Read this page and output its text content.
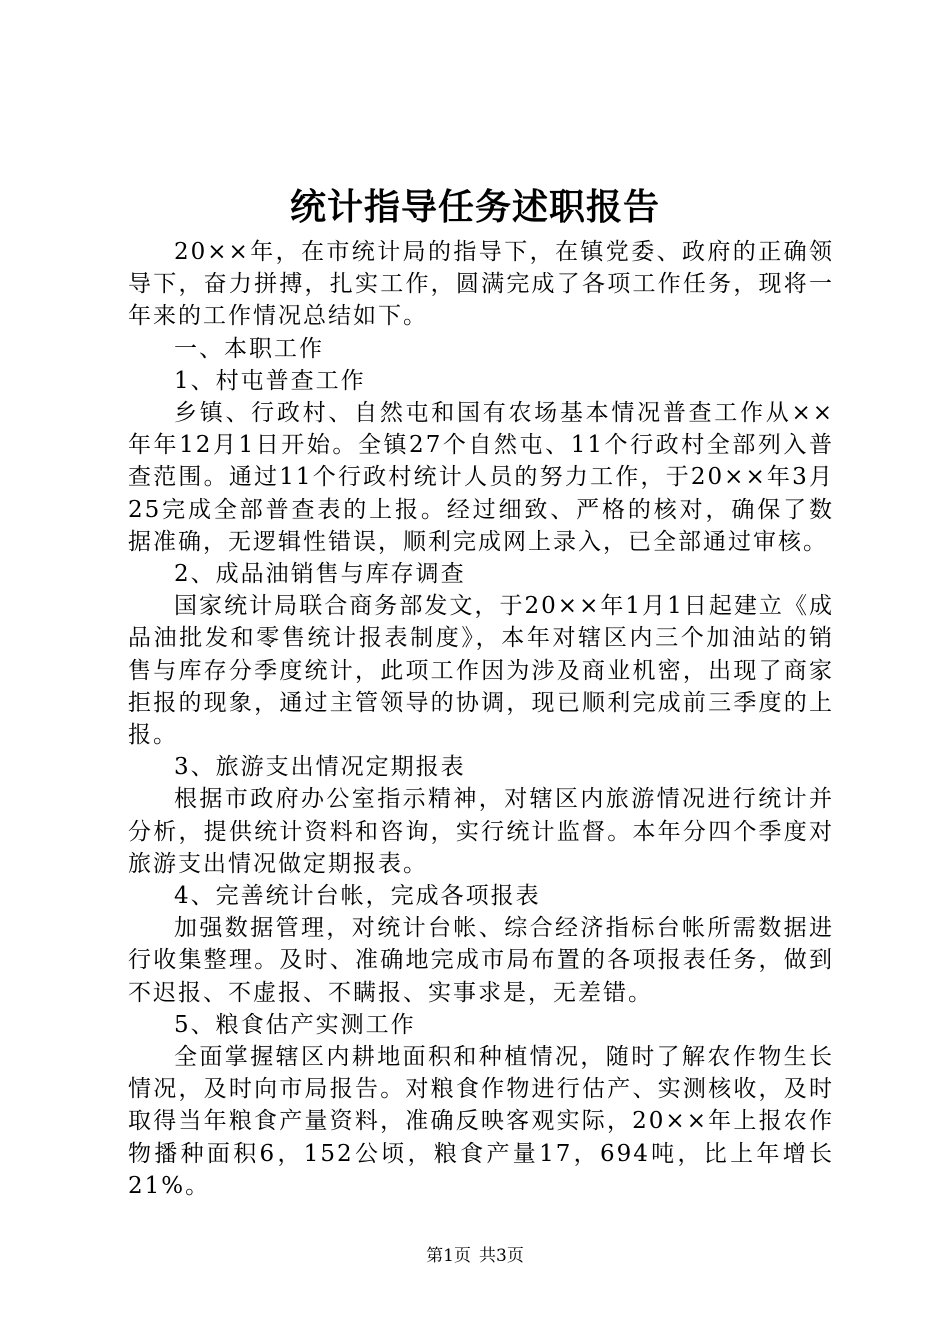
统计指导任务述职报告

20××年，在市统计局的指导下，在镇党委、政府的正确领导下，奋力拼搏，扎实工作，圆满完成了各项工作任务，现将一年来的工作情况总结如下。

一、本职工作

1、村屯普查工作

乡镇、行政村、自然屯和国有农场基本情况普查工作从××年年12月1日开始。全镇27个自然屯、11个行政村全部列入普查范围。通过11个行政村统计人员的努力工作，于20××年3月25完成全部普查表的上报。经过细致、严格的核对，确保了数据准确，无逻辑性错误，顺利完成网上录入，已全部通过审核。

2、成品油销售与库存调查

国家统计局联合商务部发文，于20××年1月1日起建立《成品油批发和零售统计报表制度》，本年对辖区内三个加油站的销售与库存分季度统计，此项工作因为涉及商业机密，出现了商家拒报的现象，通过主管领导的协调，现已顺利完成前三季度的上报。

3、旅游支出情况定期报表

根据市政府办公室指示精神，对辖区内旅游情况进行统计并分析，提供统计资料和咨询，实行统计监督。本年分四个季度对旅游支出情况做定期报表。

4、完善统计台帐，完成各项报表

加强数据管理，对统计台帐、综合经济指标台帐所需数据进行收集整理。及时、准确地完成市局布置的各项报表任务，做到不迟报、不虚报、不瞒报、实事求是，无差错。

5、粮食估产实测工作

全面掌握辖区内耕地面积和种植情况，随时了解农作物生长情况，及时向市局报告。对粮食作物进行估产、实测核收，及时取得当年粮食产量资料，准确反映客观实际，20××年上报农作物播种面积6，152公顷，粮食产量17，694吨，比上年增长21%。

第1页 共3页
